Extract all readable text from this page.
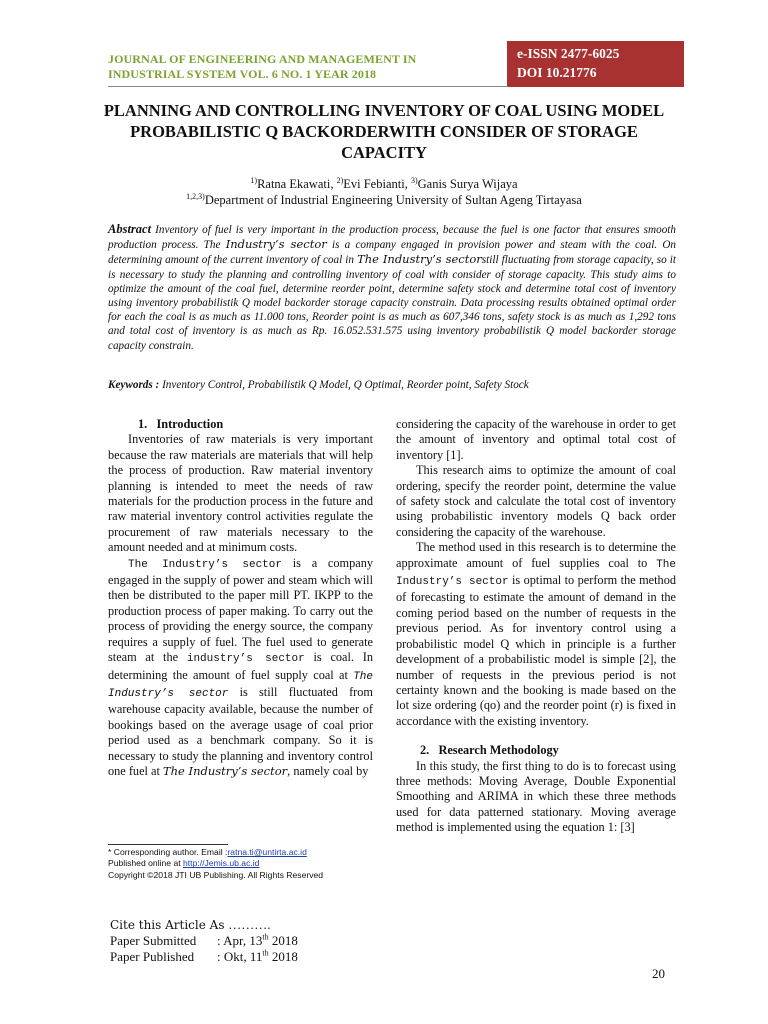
JOURNAL OF ENGINEERING AND MANAGEMENT IN
INDUSTRIAL SYSTEM VOL. 6 NO. 1 YEAR 2018
e-ISSN 2477-6025
DOI 10.21776
PLANNING AND CONTROLLING INVENTORY OF COAL USING MODEL
PROBABILISTIC Q BACKORDERWITH CONSIDER OF STORAGE
CAPACITY
$^{1)}$Ratna Ekawati, $^{2)}$Evi Febianti, $^{3)}$Ganis Surya Wijaya
$^{1,2,3)}$Department of Industrial Engineering University of Sultan Ageng Tirtayasa
Abstract Inventory of fuel is very important in the production process, because the fuel is one factor that ensures smooth production process. The Industry’s sector is a company engaged in provision power and steam with the coal. On determining amount of the current inventory of coal in The Industry’s sectorstill fluctuating from storage capacity, so it is necessary to study the planning and controlling inventory of coal with consider of storage capacity. This study aims to optimize the amount of the coal fuel, determine reorder point, determine safety stock and determine total cost of inventory using inventory probabilistik Q model backorder storage capacity constrain. Data processing results obtained optimal order for each the coal is as much as 11.000 tons, Reorder point is as much as 607,346 tons, safety stock is as much as 1,292 tons and total cost of inventory is as much as Rp. 16.052.531.575 using inventory probabilistik Q model backorder storage capacity constrain.
Keywords : Inventory Control, Probabilistik Q Model, Q Optimal, Reorder point, Safety Stock

1.   Introduction

Inventories of raw materials is very important because the raw materials are materials that will help the process of production. Raw material inventory planning is intended to meet the needs of raw materials for the production process in the future and raw material inventory control activities regulate the procurement of raw materials necessary to the amount needed and at minimum costs.

The Industry’s sector is a company engaged in the supply of power and steam which will then be distributed to the paper mill PT. IKPP to the production process of paper making. To carry out the process of providing the energy source, the company requires a supply of fuel. The fuel used to generate steam at the industry’s sector is coal. In determining the amount of fuel supply coal at The Industry’s sector is still fluctuated from warehouse capacity available, because the number of bookings based on the average usage of coal prior period used as a benchmark company. So it is necessary to study the planning and inventory control one fuel at The Industry’s sector, namely coal by

considering the capacity of the warehouse in order to get the amount of inventory and optimal total cost of inventory [1].

This research aims to optimize the amount of coal ordering, specify the reorder point, determine the value of safety stock and calculate the total cost of inventory using probabilistic inventory models Q back order considering the capacity of the warehouse.

The method used in this research is to determine the approximate amount of fuel supplies coal to The Industry’s sector is optimal to perform the method of forecasting to estimate the amount of demand in the coming period based on the number of requests in the previous period. As for inventory control using a probabilistic model Q which in principle is a further development of a probabilistic model is simple [2], the number of requests in the previous period is not certainty known and the booking is made based on the lot size ordering (qo) and the reorder point (r) is fixed in accordance with the existing inventory.

2.   Research Methodology

In this study, the first thing to do is to forecast using three methods: Moving Average, Double Exponential Smoothing and ARIMA in which these three methods used for data patterned stationary. Moving average method is implemented using the equation 1: [3]

* Corresponding author. Email :ratna.ti@untirta.ac.id
Published online at http://Jemis.ub.ac.id
Copyright ©2018 JTI UB Publishing. All Rights Reserved
Cite this Article As ……….
Paper Submitted	: Apr, 13th 2018
Paper Published	: Okt, 11th 2018
20
